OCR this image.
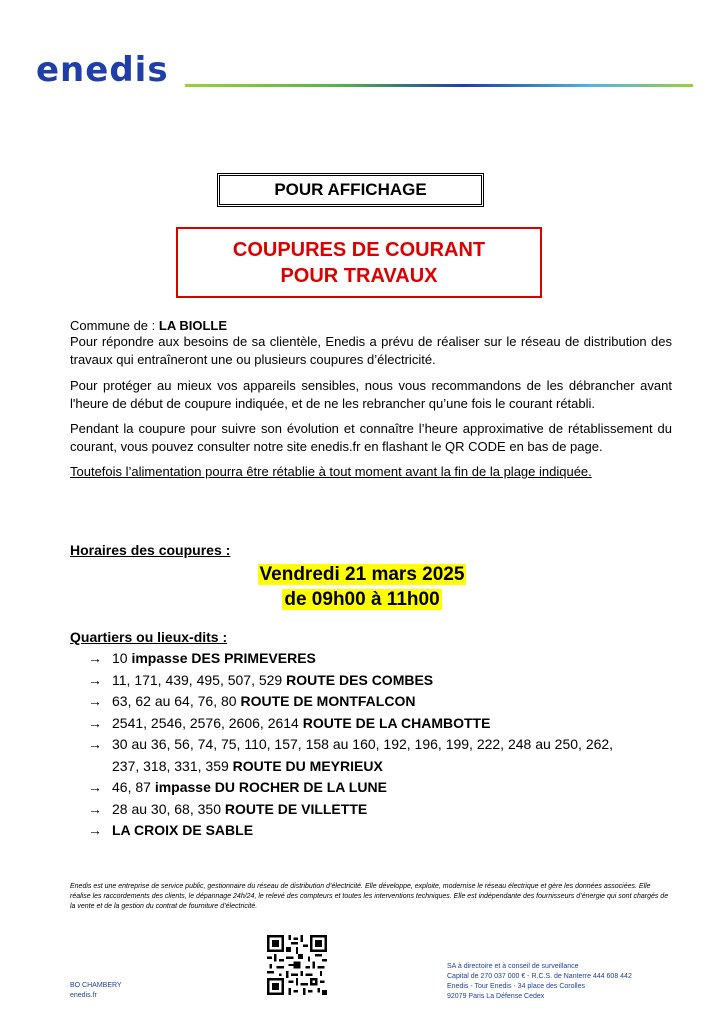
enedis
POUR AFFICHAGE
COUPURES DE COURANT
POUR TRAVAUX
Commune de : LA BIOLLE
Pour répondre aux besoins de sa clientèle, Enedis a prévu de réaliser sur le réseau de distribution des travaux qui entraîneront une ou plusieurs coupures d’électricité.
Pour protéger au mieux vos appareils sensibles, nous vous recommandons de les débrancher avant l'heure de début de coupure indiquée, et de ne les rebrancher qu’une fois le courant rétabli.
Pendant la coupure pour suivre son évolution et connaître l’heure approximative de rétablissement du courant, vous pouvez consulter notre site enedis.fr en flashant le QR CODE en bas de page.
Toutefois l’alimentation pourra être rétablie à tout moment avant la fin de la plage indiquée.
Horaires des coupures :
Vendredi 21 mars 2025
de 09h00 à 11h00
Quartiers ou lieux-dits :
→ 10 impasse DES PRIMEVERES
→ 11, 171, 439, 495, 507, 529 ROUTE DES COMBES
→ 63, 62 au 64, 76, 80 ROUTE DE MONTFALCON
→ 2541, 2546, 2576, 2606, 2614 ROUTE DE LA CHAMBOTTE
→ 30 au 36, 56, 74, 75, 110, 157, 158 au 160, 192, 196, 199, 222, 248 au 250, 262,
237, 318, 331, 359 ROUTE DU MEYRIEUX
→ 46, 87 impasse DU ROCHER DE LA LUNE
→ 28 au 30, 68, 350 ROUTE DE VILLETTE
→ LA CROIX DE SABLE
Enedis est une entreprise de service public, gestionnaire du réseau de distribution d’électricité. Elle développe, exploite, modernise le réseau électrique et gère les données associées. Elle réalise les raccordements des clients, le dépannage 24h/24, le relevé des compteurs et toutes les interventions techniques. Elle est indépendante des fournisseurs d’énergie qui sont chargés de la vente et de la gestion du contrat de fourniture d’électricité.
BO CHAMBERY
enedis.fr
SA à directoire et à conseil de surveillance
Capital de 270 037 000 € - R.C.S. de Nanterre 444 608 442
Enedis - Tour Enedis - 34 place des Corolles
92079 Paris La Défense Cedex
